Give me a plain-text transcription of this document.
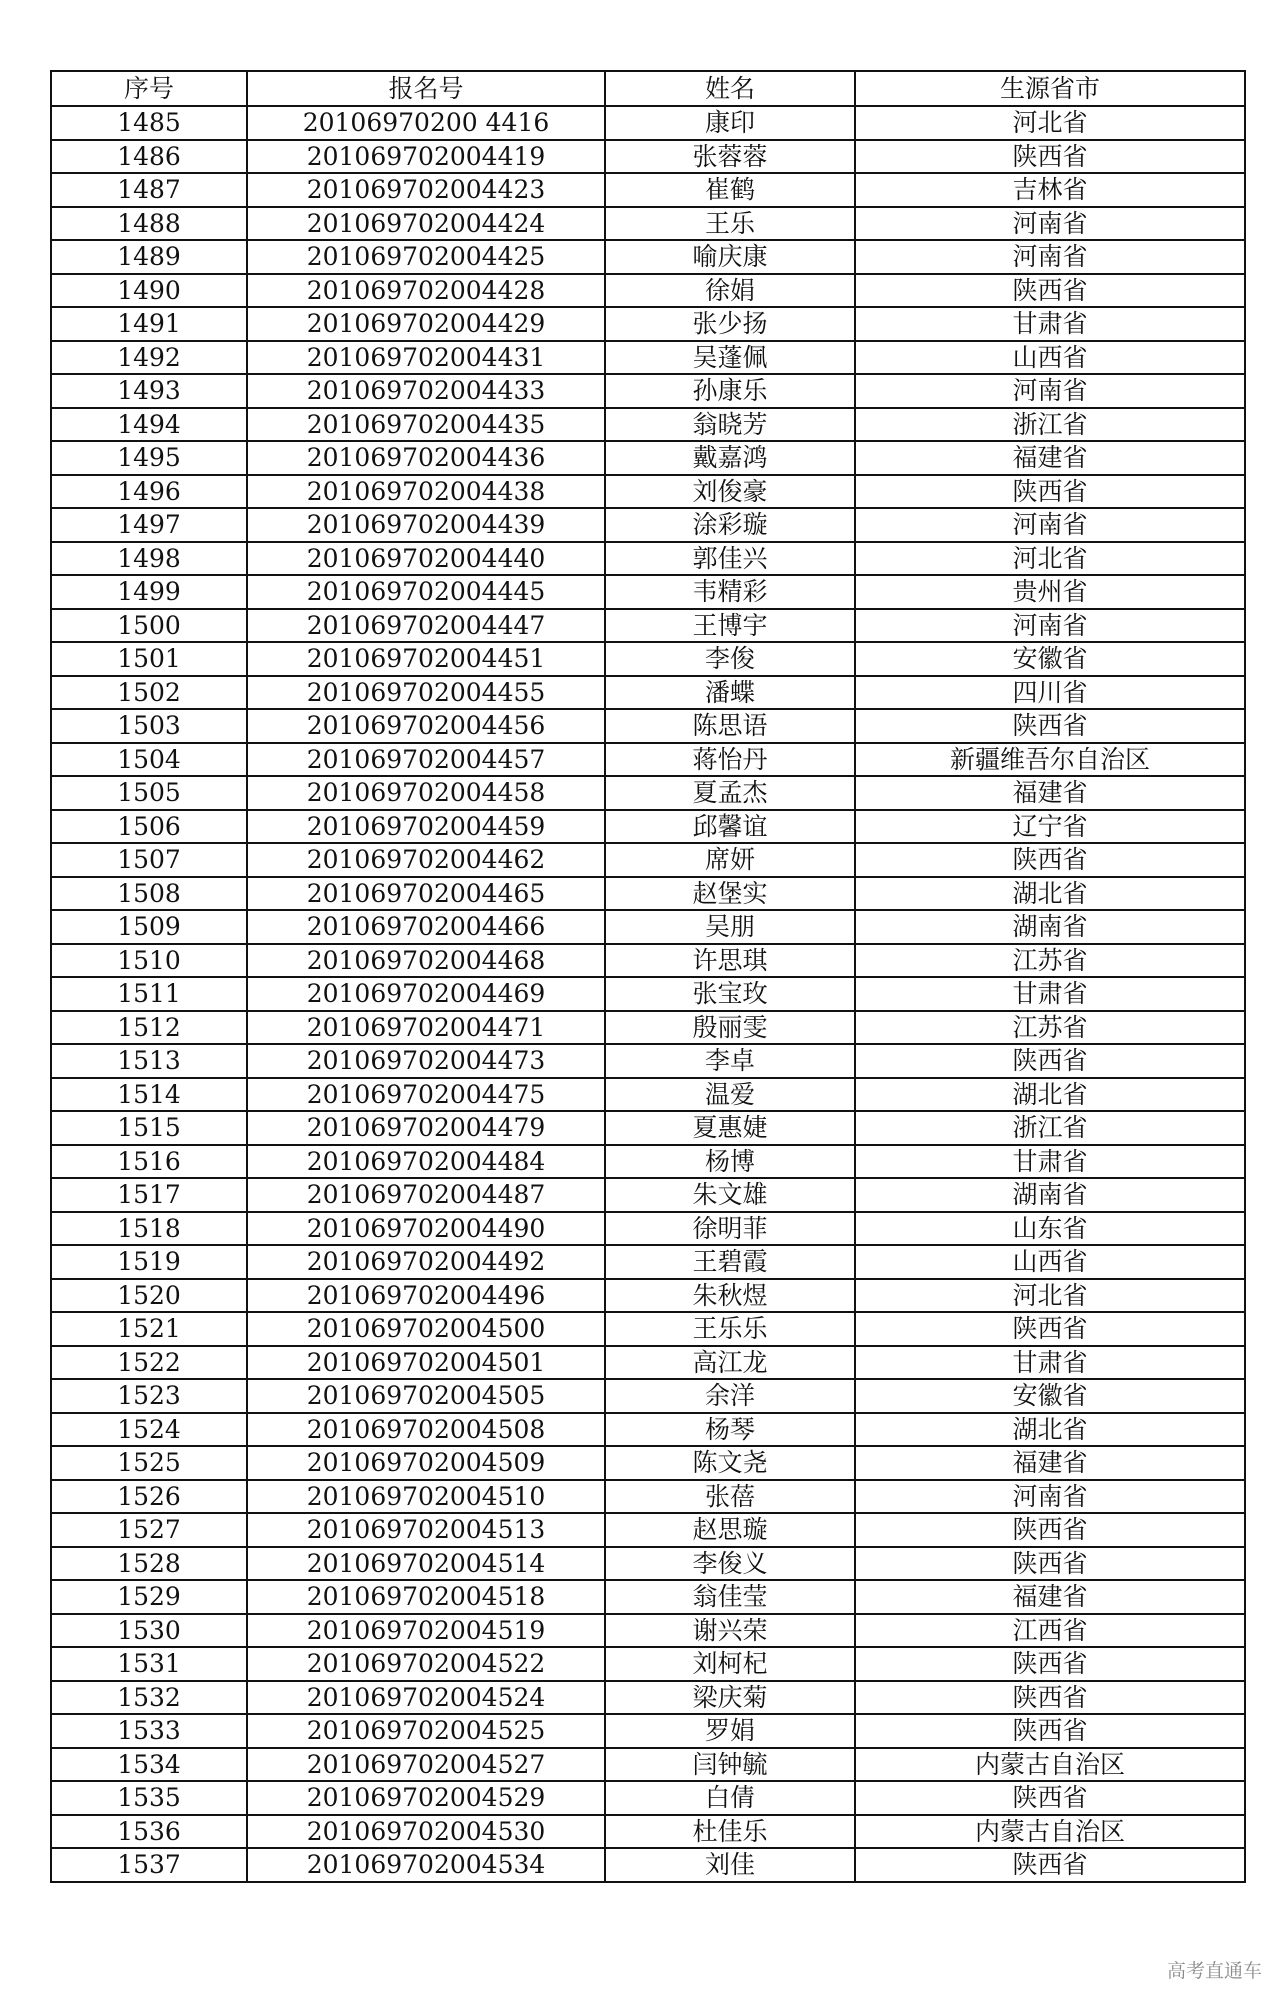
序号	报名号	姓名	生源省市
1485	20106970200 4416	康印	河北省
1486	201069702004419	张蓉蓉	陕西省
1487	201069702004423	崔鹤	吉林省
1488	201069702004424	王乐	河南省
1489	201069702004425	喻庆康	河南省
1490	201069702004428	徐娟	陕西省
1491	201069702004429	张少扬	甘肃省
1492	201069702004431	吴蓬佩	山西省
1493	201069702004433	孙康乐	河南省
1494	201069702004435	翁晓芳	浙江省
1495	201069702004436	戴嘉鸿	福建省
1496	201069702004438	刘俊豪	陕西省
1497	201069702004439	涂彩璇	河南省
1498	201069702004440	郭佳兴	河北省
1499	201069702004445	韦精彩	贵州省
1500	201069702004447	王博宇	河南省
1501	201069702004451	李俊	安徽省
1502	201069702004455	潘蝶	四川省
1503	201069702004456	陈思语	陕西省
1504	201069702004457	蒋怡丹	新疆维吾尔自治区
1505	201069702004458	夏孟杰	福建省
1506	201069702004459	邱馨谊	辽宁省
1507	201069702004462	席妍	陕西省
1508	201069702004465	赵堡实	湖北省
1509	201069702004466	吴朋	湖南省
1510	201069702004468	许思琪	江苏省
1511	201069702004469	张宝玫	甘肃省
1512	201069702004471	殷丽雯	江苏省
1513	201069702004473	李卓	陕西省
1514	201069702004475	温爱	湖北省
1515	201069702004479	夏惠婕	浙江省
1516	201069702004484	杨博	甘肃省
1517	201069702004487	朱文雄	湖南省
1518	201069702004490	徐明菲	山东省
1519	201069702004492	王碧霞	山西省
1520	201069702004496	朱秋煜	河北省
1521	201069702004500	王乐乐	陕西省
1522	201069702004501	高江龙	甘肃省
1523	201069702004505	余洋	安徽省
1524	201069702004508	杨琴	湖北省
1525	201069702004509	陈文尧	福建省
1526	201069702004510	张蓓	河南省
1527	201069702004513	赵思璇	陕西省
1528	201069702004514	李俊义	陕西省
1529	201069702004518	翁佳莹	福建省
1530	201069702004519	谢兴荣	江西省
1531	201069702004522	刘柯杞	陕西省
1532	201069702004524	梁庆菊	陕西省
1533	201069702004525	罗娟	陕西省
1534	201069702004527	闫钟毓	内蒙古自治区
1535	201069702004529	白倩	陕西省
1536	201069702004530	杜佳乐	内蒙古自治区
1537	201069702004534	刘佳	陕西省
高考直通车
